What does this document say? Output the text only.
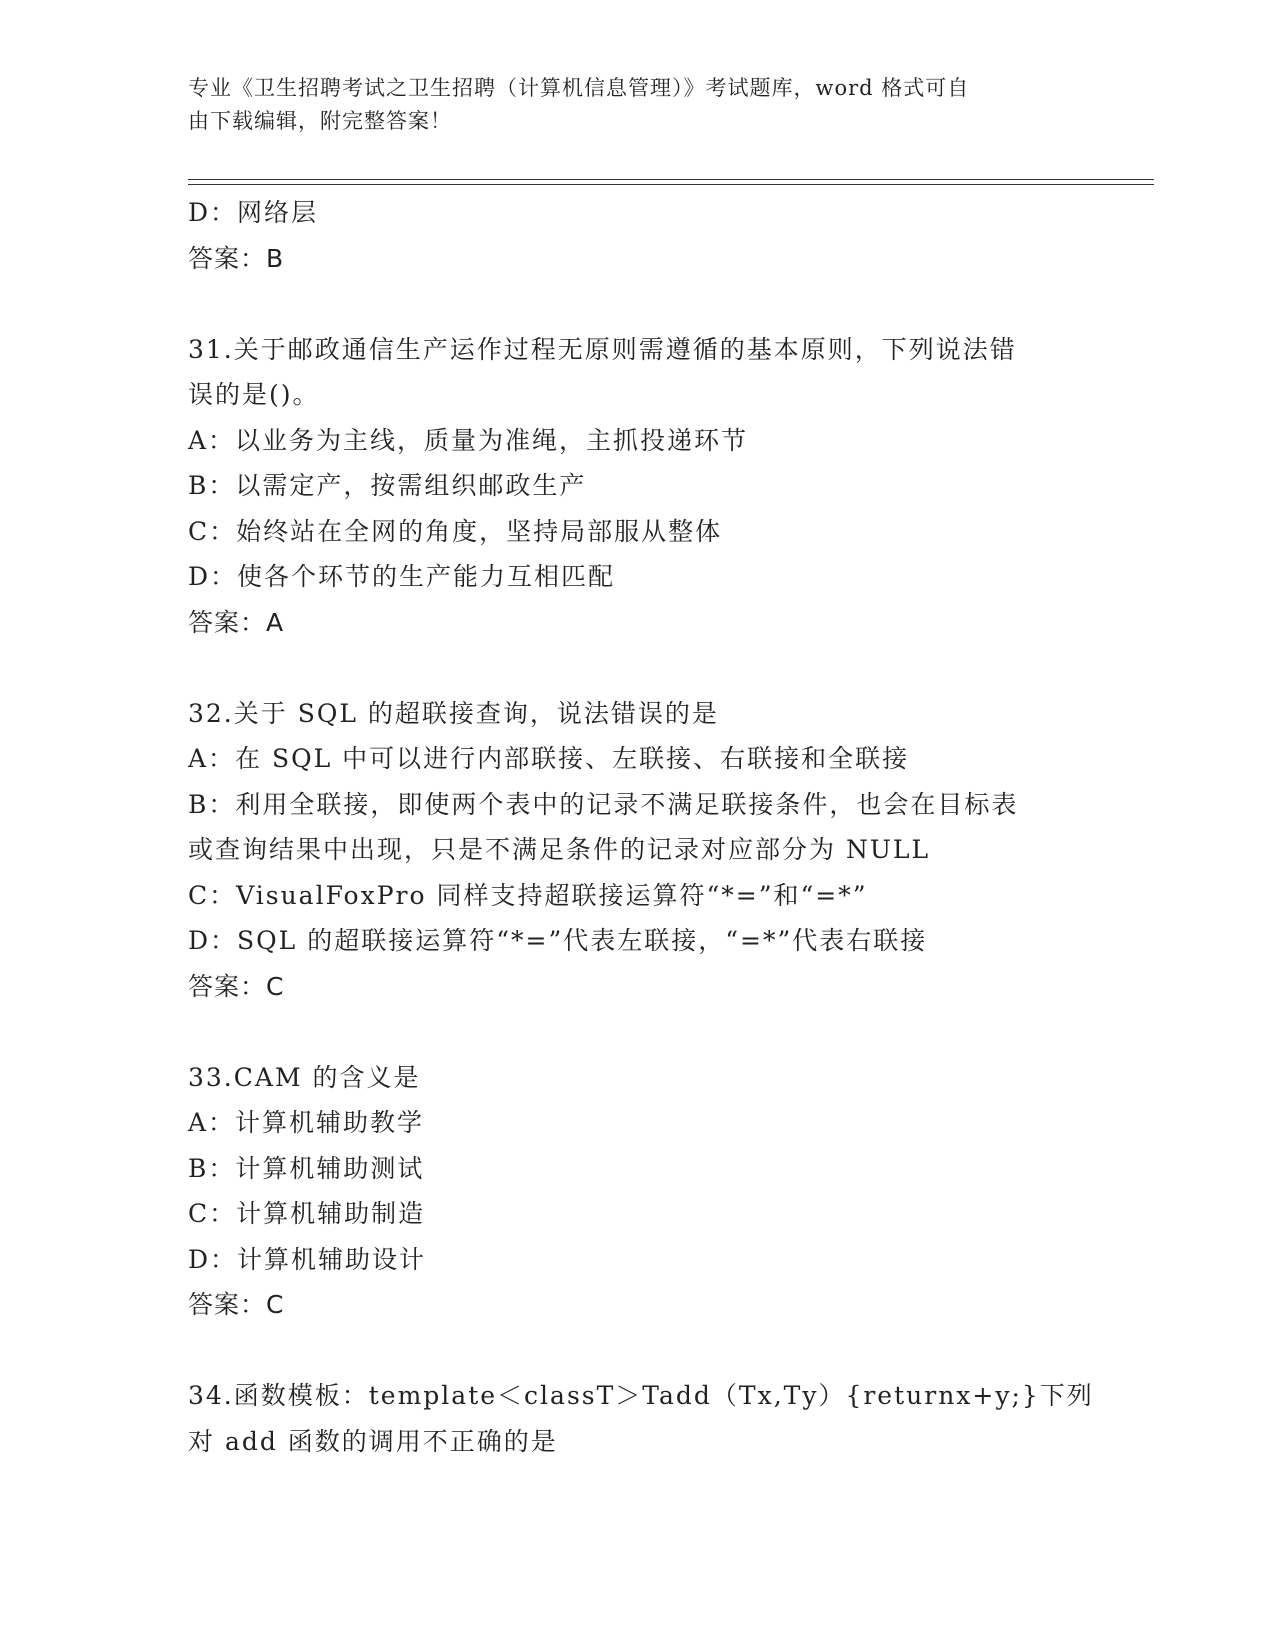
专业《卫生招聘考试之卫生招聘（计算机信息管理）》考试题库，word 格式可自
由下载编辑，附完整答案！
D：网络层
答案：B
31.关于邮政通信生产运作过程无原则需遵循的基本原则，下列说法错
误的是()。
A：以业务为主线，质量为准绳，主抓投递环节
B：以需定产，按需组织邮政生产
C：始终站在全网的角度，坚持局部服从整体
D：使各个环节的生产能力互相匹配
答案：A
32.关于 SQL 的超联接查询，说法错误的是
A：在 SQL 中可以进行内部联接、左联接、右联接和全联接
B：利用全联接，即使两个表中的记录不满足联接条件，也会在目标表
或查询结果中出现，只是不满足条件的记录对应部分为 NULL
C：VisualFoxPro 同样支持超联接运算符“*=”和“=*”
D：SQL 的超联接运算符“*=”代表左联接，“=*”代表右联接
答案：C
33.CAM 的含义是
A：计算机辅助教学
B：计算机辅助测试
C：计算机辅助制造
D：计算机辅助设计
答案：C
34.函数模板：template＜classT＞Tadd（Tx,Ty）{returnx+y;}下列
对 add 函数的调用不正确的是
